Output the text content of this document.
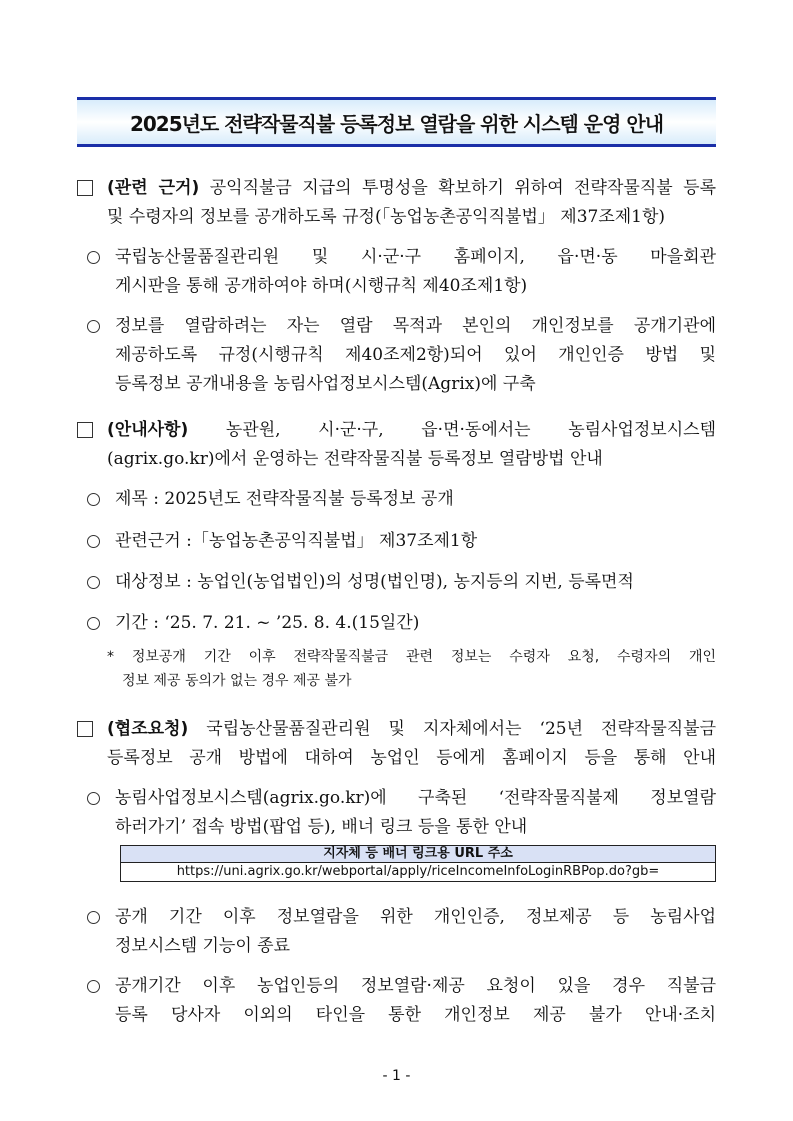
2025년도 전략작물직불 등록정보 열람을 위한 시스템 운영 안내
(관련 근거) 공익직불금 지급의 투명성을 확보하기 위하여 전략작물직불 등록
및 수령자의 정보를 공개하도록 규정(「농업농촌공익직불법」 제37조제1항)
국립농산물품질관리원 및 시·군·구 홈페이지, 읍·면·동 마을회관
게시판을 통해 공개하여야 하며(시행규칙 제40조제1항)
정보를 열람하려는 자는 열람 목적과 본인의 개인정보를 공개기관에
제공하도록 규정(시행규칙 제40조제2항)되어 있어 개인인증 방법 및
등록정보 공개내용을 농림사업정보시스템(Agrix)에 구축
(안내사항) 농관원, 시·군·구, 읍·면·동에서는 농림사업정보시스템
(agrix.go.kr)에서 운영하는 전략작물직불 등록정보 열람방법 안내
제목 : 2025년도 전략작물직불 등록정보 공개
관련근거 :「농업농촌공익직불법」 제37조제1항
대상정보 : 농업인(농업법인)의 성명(법인명), 농지등의 지번, 등록면적
기간 : ‘25. 7. 21. ~ ’25. 8. 4.(15일간)
* 정보공개 기간 이후 전략작물직불금 관련 정보는 수령자 요청, 수령자의 개인
정보 제공 동의가 없는 경우 제공 불가
(협조요청) 국립농산물품질관리원 및 지자체에서는 ‘25년 전략작물직불금
등록정보 공개 방법에 대하여 농업인 등에게 홈페이지 등을 통해 안내
농림사업정보시스템(agrix.go.kr)에 구축된 ‘전략작물직불제 정보열람
하러가기’ 접속 방법(팝업 등), 배너 링크 등을 통한 안내
지자체 등 배너 링크용 URL 주소
https://uni.agrix.go.kr/webportal/apply/riceIncomeInfoLoginRBPop.do?gb=
공개 기간 이후 정보열람을 위한 개인인증, 정보제공 등 농림사업
정보시스템 기능이 종료
공개기간 이후 농업인등의 정보열람·제공 요청이 있을 경우 직불금
등록 당사자 이외의 타인을 통한 개인정보 제공 불가 안내·조치
- 1 -
